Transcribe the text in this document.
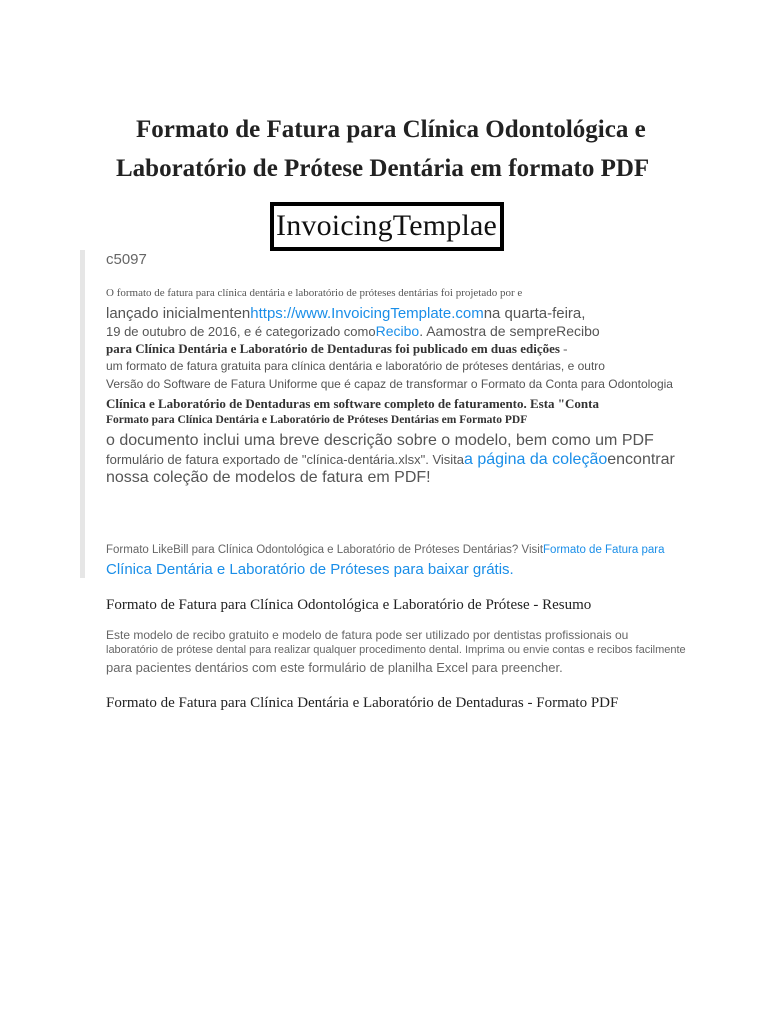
Formato de Fatura para Clínica Odontológica e
Laboratório de Prótese Dentária em formato PDF
InvoicingTemplae
c5097
O formato de fatura para clínica dentária e laboratório de próteses dentárias foi projetado por e
lançado inicialmentenhttps://www.InvoicingTemplate.comna quarta-feira,
19 de outubro de 2016, e é categorizado comoRecibo. Aamostra de sempreRecibo
para Clínica Dentária e Laboratório de Dentaduras foi publicado em duas edições -
um formato de fatura gratuita para clínica dentária e laboratório de próteses dentárias, e outro
Versão do Software de Fatura Uniforme que é capaz de transformar o Formato da Conta para Odontologia
Clínica e Laboratório de Dentaduras em software completo de faturamento. Esta "Conta
Formato para Clínica Dentária e Laboratório de Próteses Dentárias em Formato PDF
o documento inclui uma breve descrição sobre o modelo, bem como um PDF
formulário de fatura exportado de "clínica-dentária.xlsx". Visitaa página da coleçãoencontrar
nossa coleção de modelos de fatura em PDF!
Formato LikeBill para Clínica Odontológica e Laboratório de Próteses Dentárias? VisitFormato de Fatura para
Clínica Dentária e Laboratório de Próteses para baixar grátis.
Formato de Fatura para Clínica Odontológica e Laboratório de Prótese - Resumo
Este modelo de recibo gratuito e modelo de fatura pode ser utilizado por dentistas profissionais ou
laboratório de prótese dental para realizar qualquer procedimento dental. Imprima ou envie contas e recibos facilmente
para pacientes dentários com este formulário de planilha Excel para preencher.
Formato de Fatura para Clínica Dentária e Laboratório de Dentaduras - Formato PDF
